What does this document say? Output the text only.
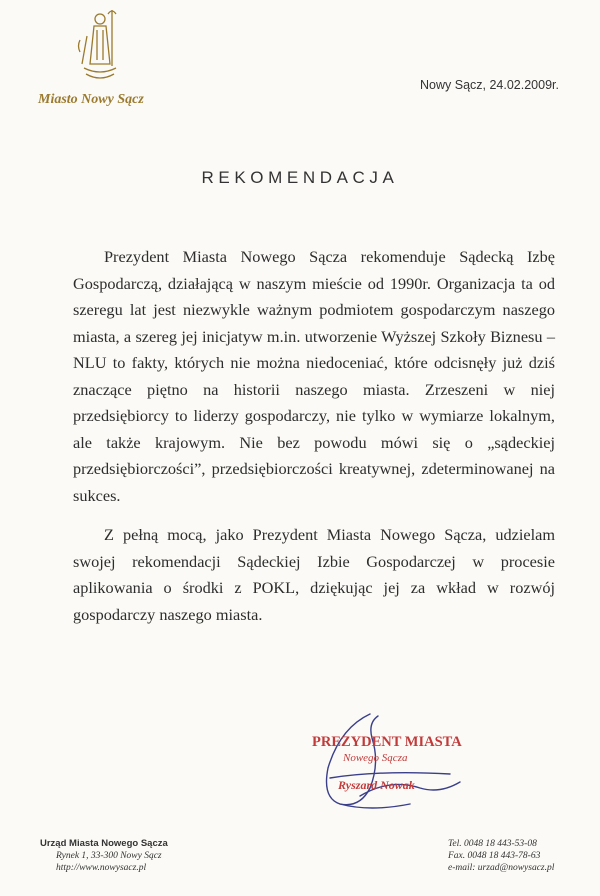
Miasto Nowy Sącz
Nowy Sącz, 24.02.2009r.
REKOMENDACJA

Prezydent Miasta Nowego Sącza rekomenduje Sądecką Izbę Gospodarczą, działającą w naszym mieście od 1990r. Organizacja ta od szeregu lat jest niezwykle ważnym podmiotem gospodarczym naszego miasta, a szereg jej inicjatyw m.in. utworzenie Wyższej Szkoły Biznesu – NLU to fakty, których nie można niedoceniać, które odcisnęły już dziś znaczące piętno na historii naszego miasta. Zrzeszeni w niej przedsiębiorcy to liderzy gospodarczy, nie tylko w wymiarze lokalnym, ale także krajowym. Nie bez powodu mówi się o „sądeckiej przedsiębiorczości”, przedsiębiorczości kreatywnej, zdeterminowanej na sukces.

Z pełną mocą, jako Prezydent Miasta Nowego Sącza, udzielam swojej rekomendacji Sądeckiej Izbie Gospodarczej w procesie aplikowania o środki z POKL, dziękując jej za wkład w rozwój gospodarczy naszego miasta.

PREZYDENT MIASTA
Nowego Sącza
Ryszard Nowak
Urząd Miasta Nowego Sącza
Rynek 1, 33-300 Nowy Sącz
http://www.nowysacz.pl
Tel. 0048 18 443-53-08
Fax. 0048 18 443-78-63
e-mail: urzad@nowysacz.pl
